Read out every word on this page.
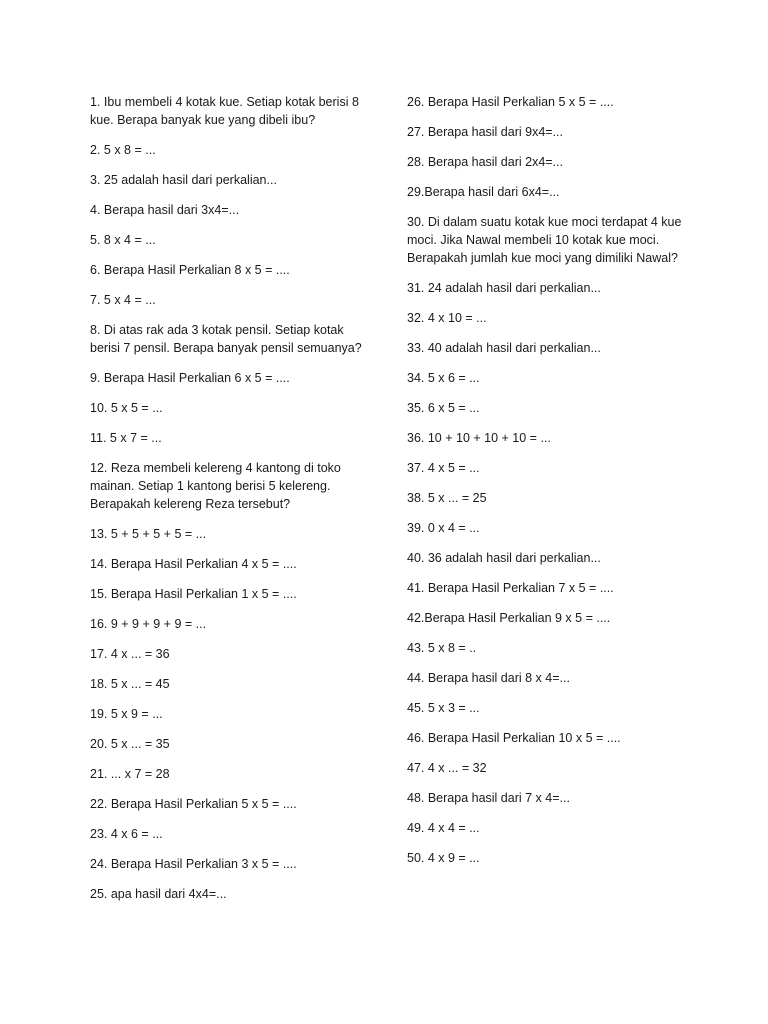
1. Ibu membeli 4 kotak kue. Setiap kotak berisi 8 kue. Berapa banyak kue yang dibeli ibu?

2. 5 x 8 = ...

3. 25 adalah hasil dari perkalian...

4. Berapa hasil dari 3x4=...

5. 8 x 4 = ...

6. Berapa Hasil Perkalian 8 x 5 = ....

7. 5 x 4 = ...

8. Di atas rak ada 3 kotak pensil. Setiap kotak berisi 7 pensil. Berapa banyak pensil semuanya?

9. Berapa Hasil Perkalian 6 x 5 = ....

10. 5 x 5 = ...

11. 5 x 7 = ...

12. Reza membeli kelereng 4 kantong di toko mainan. Setiap 1 kantong berisi 5 kelereng. Berapakah kelereng Reza tersebut?

13. 5 + 5 + 5 + 5 = ...

14. Berapa Hasil Perkalian 4 x 5 = ....

15. Berapa Hasil Perkalian 1 x 5 = ....

16. 9 + 9 + 9 + 9 = ...

17. 4 x ... = 36

18. 5 x ... = 45

19. 5 x 9 = ...

20. 5 x ... = 35

21. ... x 7 = 28

22. Berapa Hasil Perkalian 5 x 5 = ....

23. 4 x 6 = ...

24. Berapa Hasil Perkalian 3 x 5 = ....

25. apa hasil dari 4x4=...

26. Berapa Hasil Perkalian 5 x 5 = ....

27. Berapa hasil dari 9x4=...

28. Berapa hasil dari 2x4=...

29.Berapa hasil dari 6x4=...

30. Di dalam suatu kotak kue moci terdapat 4 kue moci. Jika Nawal membeli 10 kotak kue moci. Berapakah jumlah kue moci yang dimiliki Nawal?

31. 24 adalah hasil dari perkalian...

32. 4 x 10 = ...

33. 40 adalah hasil dari perkalian...

34. 5 x 6 = ...

35. 6 x 5 = ...

36. 10 + 10 + 10 + 10 = ...

37. 4 x 5 = ...

38. 5 x ... = 25

39. 0 x 4 = ...

40. 36 adalah hasil dari perkalian...

41. Berapa Hasil Perkalian 7 x 5 = ....

42.Berapa Hasil Perkalian 9 x 5 = ....

43. 5 x 8 = ..

44. Berapa hasil dari 8 x 4=...

45. 5 x 3 = ...

46. Berapa Hasil Perkalian 10 x 5 = ....

47. 4 x ... = 32

48. Berapa hasil dari 7 x 4=...

49. 4 x 4 = ...

50. 4 x 9 = ...
